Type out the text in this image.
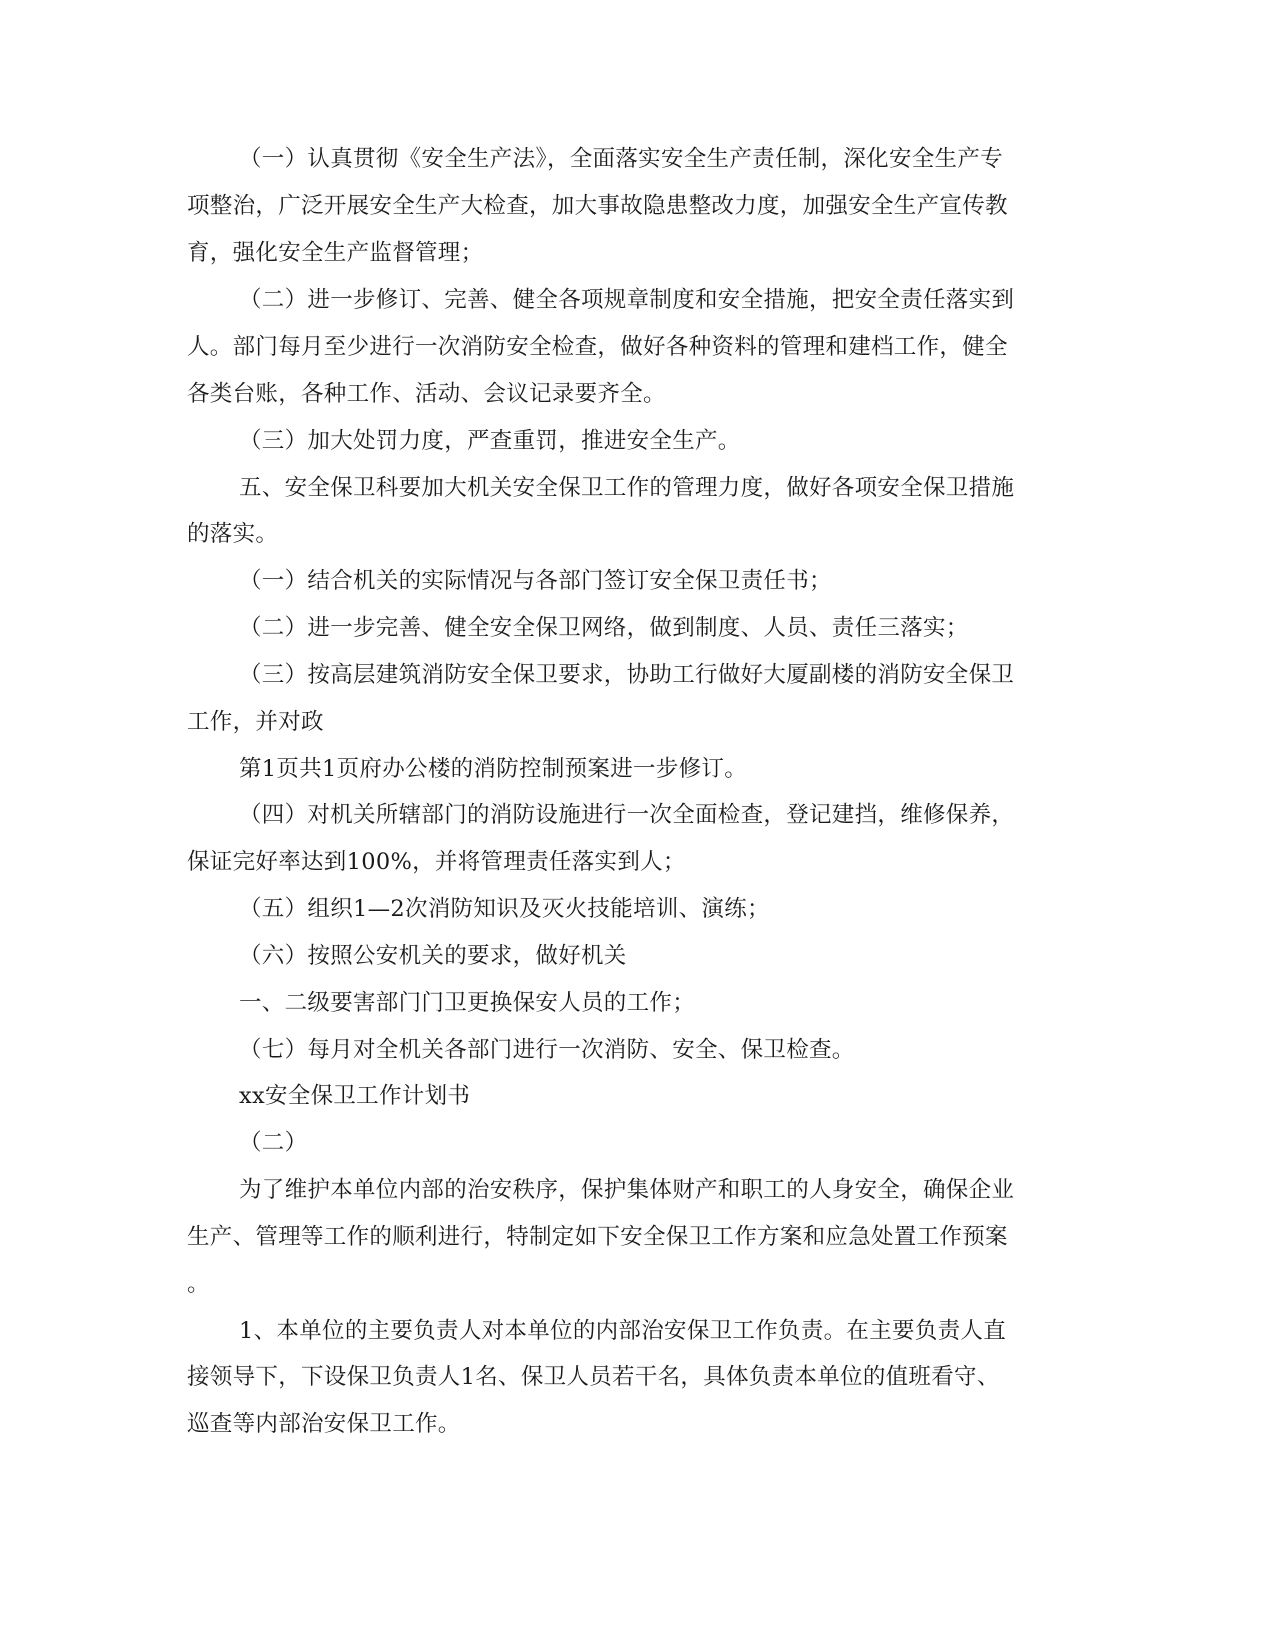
（一）认真贯彻《安全生产法》，全面落实安全生产责任制，深化安全生产专
项整治，广泛开展安全生产大检查，加大事故隐患整改力度，加强安全生产宣传教
育，强化安全生产监督管理；
（二）进一步修订、完善、健全各项规章制度和安全措施，把安全责任落实到
人。部门每月至少进行一次消防安全检查，做好各种资料的管理和建档工作，健全
各类台账，各种工作、活动、会议记录要齐全。
（三）加大处罚力度，严查重罚，推进安全生产。
五、安全保卫科要加大机关安全保卫工作的管理力度，做好各项安全保卫措施
的落实。
（一）结合机关的实际情况与各部门签订安全保卫责任书；
（二）进一步完善、健全安全保卫网络，做到制度、人员、责任三落实；
（三）按高层建筑消防安全保卫要求，协助工行做好大厦副楼的消防安全保卫
工作，并对政
第1页共1页府办公楼的消防控制预案进一步修订。
（四）对机关所辖部门的消防设施进行一次全面检查，登记建挡，维修保养，
保证完好率达到100%，并将管理责任落实到人；
（五）组织1—2次消防知识及灭火技能培训、演练；
（六）按照公安机关的要求，做好机关
一、二级要害部门门卫更换保安人员的工作；
（七）每月对全机关各部门进行一次消防、安全、保卫检查。
xx安全保卫工作计划书
（二）
为了维护本单位内部的治安秩序，保护集体财产和职工的人身安全，确保企业
生产、管理等工作的顺利进行，特制定如下安全保卫工作方案和应急处置工作预案
。
1、本单位的主要负责人对本单位的内部治安保卫工作负责。在主要负责人直
接领导下，下设保卫负责人1名、保卫人员若干名，具体负责本单位的值班看守、
巡查等内部治安保卫工作。
